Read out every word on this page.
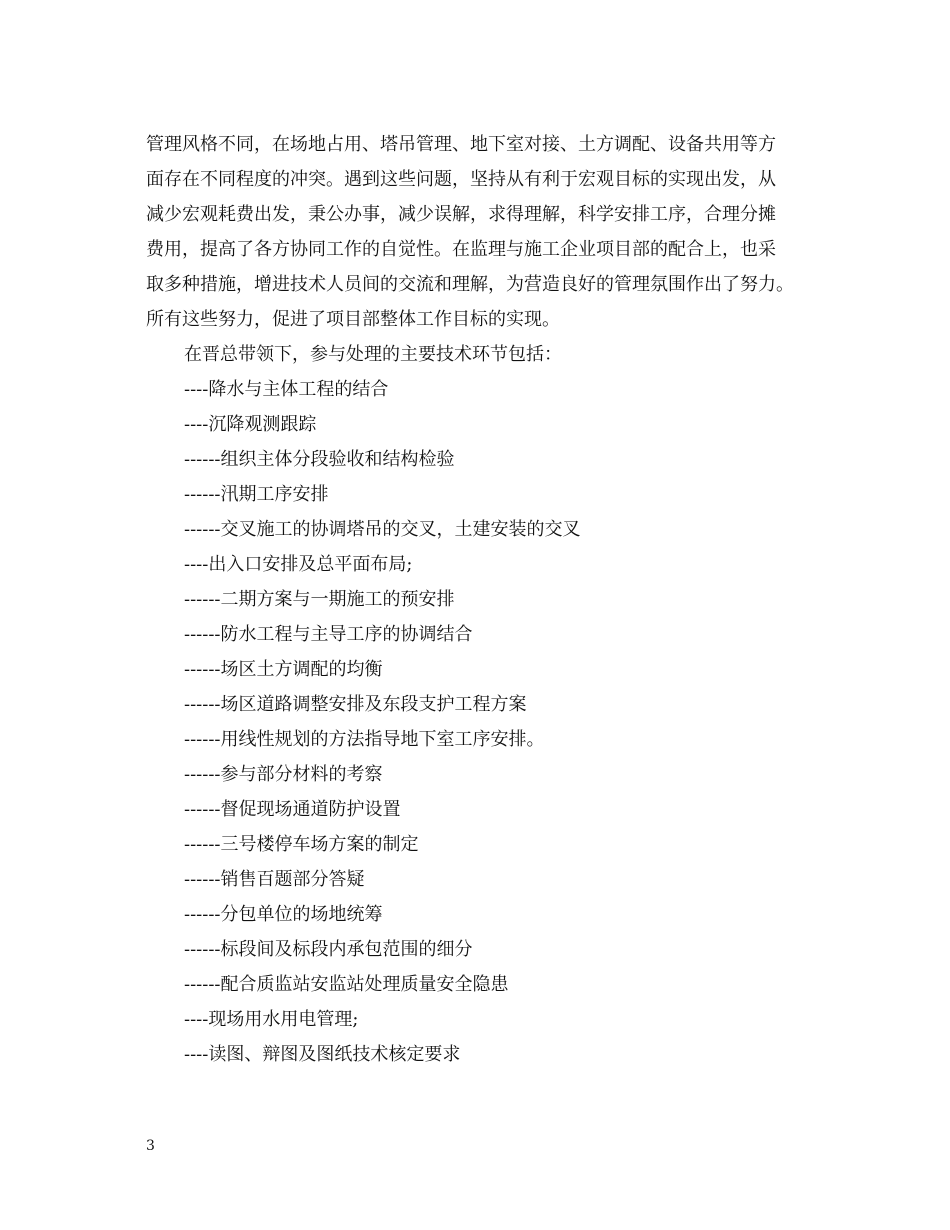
管理风格不同，在场地占用、塔吊管理、地下室对接、土方调配、设备共用等方
面存在不同程度的冲突。遇到这些问题，坚持从有利于宏观目标的实现出发，从
减少宏观耗费出发，秉公办事，减少误解，求得理解，科学安排工序，合理分摊
费用，提高了各方协同工作的自觉性。在监理与施工企业项目部的配合上，也采
取多种措施，增进技术人员间的交流和理解，为营造良好的管理氛围作出了努力。
所有这些努力，促进了项目部整体工作目标的实现。
在晋总带领下，参与处理的主要技术环节包括：
----降水与主体工程的结合
----沉降观测跟踪
------组织主体分段验收和结构检验
------汛期工序安排
------交叉施工的协调塔吊的交叉，土建安装的交叉
----出入口安排及总平面布局;
------二期方案与一期施工的预安排
------防水工程与主导工序的协调结合
------场区土方调配的均衡
------场区道路调整安排及东段支护工程方案
------用线性规划的方法指导地下室工序安排。
------参与部分材料的考察
------督促现场通道防护设置
------三号楼停车场方案的制定
------销售百题部分答疑
------分包单位的场地统筹
------标段间及标段内承包范围的细分
------配合质监站安监站处理质量安全隐患
----现场用水用电管理;
----读图、辩图及图纸技术核定要求
3
